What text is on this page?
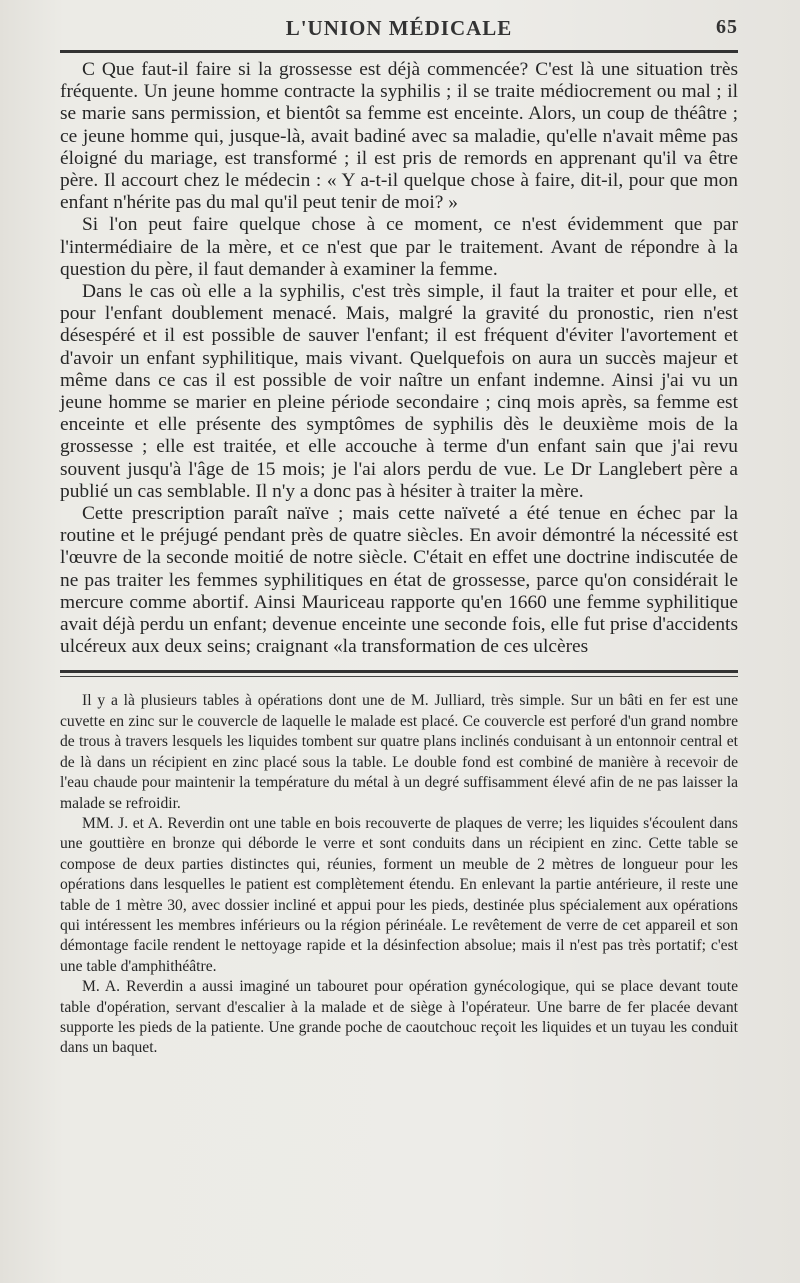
L'UNION MÉDICALE	65

C Que faut-il faire si la grossesse est déjà commencée? C'est là une situation très fréquente. Un jeune homme contracte la syphilis ; il se traite médiocrement ou mal ; il se marie sans permission, et bientôt sa femme est enceinte. Alors, un coup de théâtre ; ce jeune homme qui, jusque-là, avait badiné avec sa maladie, qu'elle n'avait même pas éloigné du mariage, est transformé ; il est pris de remords en apprenant qu'il va être père. Il accourt chez le médecin : « Y a-t-il quelque chose à faire, dit-il, pour que mon enfant n'hérite pas du mal qu'il peut tenir de moi? »

Si l'on peut faire quelque chose à ce moment, ce n'est évidemment que par l'intermédiaire de la mère, et ce n'est que par le traitement. Avant de répondre à la question du père, il faut demander à examiner la femme.

Dans le cas où elle a la syphilis, c'est très simple, il faut la traiter et pour elle, et pour l'enfant doublement menacé. Mais, malgré la gravité du pronostic, rien n'est désespéré et il est possible de sauver l'enfant; il est fréquent d'éviter l'avortement et d'avoir un enfant syphilitique, mais vivant. Quelquefois on aura un succès majeur et même dans ce cas il est possible de voir naître un enfant indemne. Ainsi j'ai vu un jeune homme se marier en pleine période secondaire ; cinq mois après, sa femme est enceinte et elle présente des symptômes de syphilis dès le deuxième mois de la grossesse ; elle est traitée, et elle accouche à terme d'un enfant sain que j'ai revu souvent jusqu'à l'âge de 15 mois; je l'ai alors perdu de vue. Le Dr Langlebert père a publié un cas semblable. Il n'y a donc pas à hésiter à traiter la mère.

Cette prescription paraît naïve ; mais cette naïveté a été tenue en échec par la routine et le préjugé pendant près de quatre siècles. En avoir démontré la nécessité est l'œuvre de la seconde moitié de notre siècle. C'était en effet une doctrine indiscutée de ne pas traiter les femmes syphilitiques en état de grossesse, parce qu'on considérait le mercure comme abortif. Ainsi Mauriceau rapporte qu'en 1660 une femme syphilitique avait déjà perdu un enfant; devenue enceinte une seconde fois, elle fut prise d'accidents ulcéreux aux deux seins; craignant «la transformation de ces ulcères

Il y a là plusieurs tables à opérations dont une de M. Julliard, très simple. Sur un bâti en fer est une cuvette en zinc sur le couvercle de laquelle le malade est placé. Ce couvercle est perforé d'un grand nombre de trous à travers lesquels les liquides tombent sur quatre plans inclinés conduisant à un entonnoir central et de là dans un récipient en zinc placé sous la table. Le double fond est combiné de manière à recevoir de l'eau chaude pour maintenir la température du métal à un degré suffisamment élevé afin de ne pas laisser la malade se refroidir.

MM. J. et A. Reverdin ont une table en bois recouverte de plaques de verre; les liquides s'écoulent dans une gouttière en bronze qui déborde le verre et sont conduits dans un récipient en zinc. Cette table se compose de deux parties distinctes qui, réunies, forment un meuble de 2 mètres de longueur pour les opérations dans lesquelles le patient est complètement étendu. En enlevant la partie antérieure, il reste une table de 1 mètre 30, avec dossier incliné et appui pour les pieds, destinée plus spécialement aux opérations qui intéressent les membres inférieurs ou la région périnéale. Le revêtement de verre de cet appareil et son démontage facile rendent le nettoyage rapide et la désinfection absolue; mais il n'est pas très portatif; c'est une table d'amphithéâtre.

M. A. Reverdin a aussi imaginé un tabouret pour opération gynécologique, qui se place devant toute table d'opération, servant d'escalier à la malade et de siège à l'opérateur. Une barre de fer placée devant supporte les pieds de la patiente. Une grande poche de caoutchouc reçoit les liquides et un tuyau les conduit dans un baquet.
